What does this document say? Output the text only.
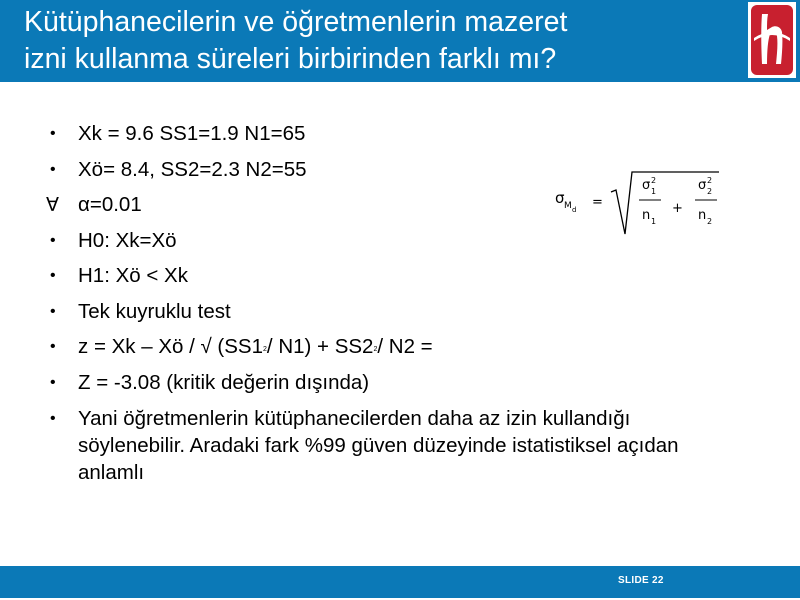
Kütüphanecilerin ve öğretmenlerin mazeret
izni kullanma süreleri birbirinden farklı mı?
•	Xk = 9.6 SS1=1.9 N1=65
•	Xö= 8.4, SS2=2.3 N2=55
∀ α=0.01
•	H0: Xk=Xö
•	H1: Xö < Xk
•	Tek kuyruklu test
•	z = Xk – Xö / √ ($SS1^2/$ $N1) + SS2^2/$ N2 =
•	Z = -3.08 (kritik değerin dışında)
•	Yani öğretmenlerin kütüphanecilerden daha az izin kullandığı söylenebilir. Aradaki fark %99 güven düzeyinde istatistiksel açıdan anlamlı
σ M d =
σ 2
1
n 1
+
σ 2
2
n 2
SLIDE 22
